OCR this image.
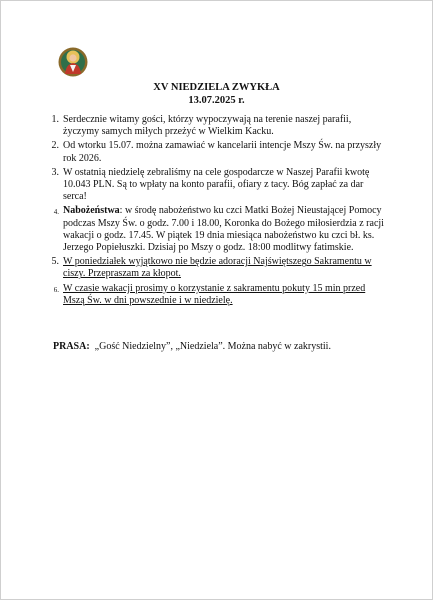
XV NIEDZIELA ZWYKŁA
13.07.2025 r.
1. Serdecznie witamy gości, którzy wypoczywają na terenie naszej parafii, życzymy samych miłych przeżyć w Wielkim Kacku.
2. Od wtorku 15.07. można zamawiać w kancelarii intencje Mszy Św. na przyszły rok 2026.
3. W ostatnią niedzielę zebraliśmy na cele gospodarcze w Naszej Parafii kwotę 10.043 PLN. Są to wpłaty na konto parafii, ofiary z tacy. Bóg zapłać za dar serca!
4. Nabożeństwa: w środę nabożeństwo ku czci Matki Bożej Nieustającej Pomocy podczas Mszy Św. o godz. 7.00 i 18.00, Koronka do Bożego miłosierdzia z racji wakacji o godz. 17.45. W piątek 19 dnia miesiąca nabożeństwo ku czci bł. ks. Jerzego Popiełuszki. Dzisiaj po Mszy o godz. 18:00 modlitwy fatimskie.
5. W poniedziałek wyjątkowo nie będzie adoracji Najświętszego Sakramentu w ciszy. Przepraszam za kłopot.
6. W czasie wakacji prosimy o korzystanie z sakramentu pokuty 15 min przed Mszą Św. w dni powszednie i w niedzielę.
PRASA: „Gość Niedzielny”, „Niedziela”. Można nabyć w zakrystii.
